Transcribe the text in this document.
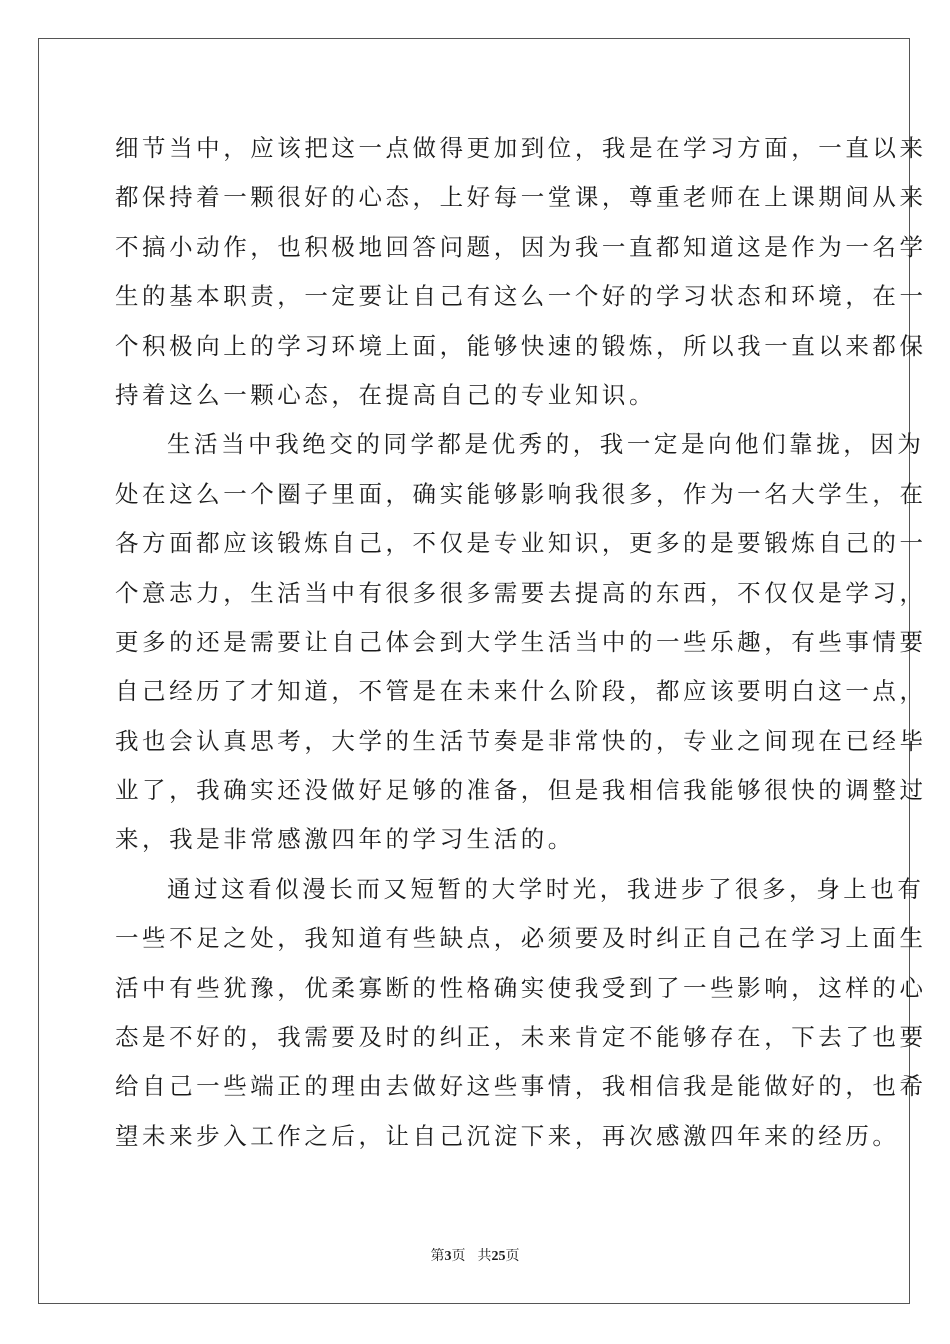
细节当中，应该把这一点做得更加到位，我是在学习方面，一直以来
都保持着一颗很好的心态，上好每一堂课，尊重老师在上课期间从来
不搞小动作，也积极地回答问题，因为我一直都知道这是作为一名学
生的基本职责，一定要让自己有这么一个好的学习状态和环境，在一
个积极向上的学习环境上面，能够快速的锻炼，所以我一直以来都保
持着这么一颗心态，在提高自己的专业知识。
生活当中我绝交的同学都是优秀的，我一定是向他们靠拢，因为
处在这么一个圈子里面，确实能够影响我很多，作为一名大学生，在
各方面都应该锻炼自己，不仅是专业知识，更多的是要锻炼自己的一
个意志力，生活当中有很多很多需要去提高的东西，不仅仅是学习，
更多的还是需要让自己体会到大学生活当中的一些乐趣，有些事情要
自己经历了才知道，不管是在未来什么阶段，都应该要明白这一点，
我也会认真思考，大学的生活节奏是非常快的，专业之间现在已经毕
业了，我确实还没做好足够的准备，但是我相信我能够很快的调整过
来，我是非常感激四年的学习生活的。
通过这看似漫长而又短暂的大学时光，我进步了很多，身上也有
一些不足之处，我知道有些缺点，必须要及时纠正自己在学习上面生
活中有些犹豫，优柔寡断的性格确实使我受到了一些影响，这样的心
态是不好的，我需要及时的纠正，未来肯定不能够存在，下去了也要
给自己一些端正的理由去做好这些事情，我相信我是能做好的，也希
望未来步入工作之后，让自己沉淀下来，再次感激四年来的经历。
第3页 共25页
